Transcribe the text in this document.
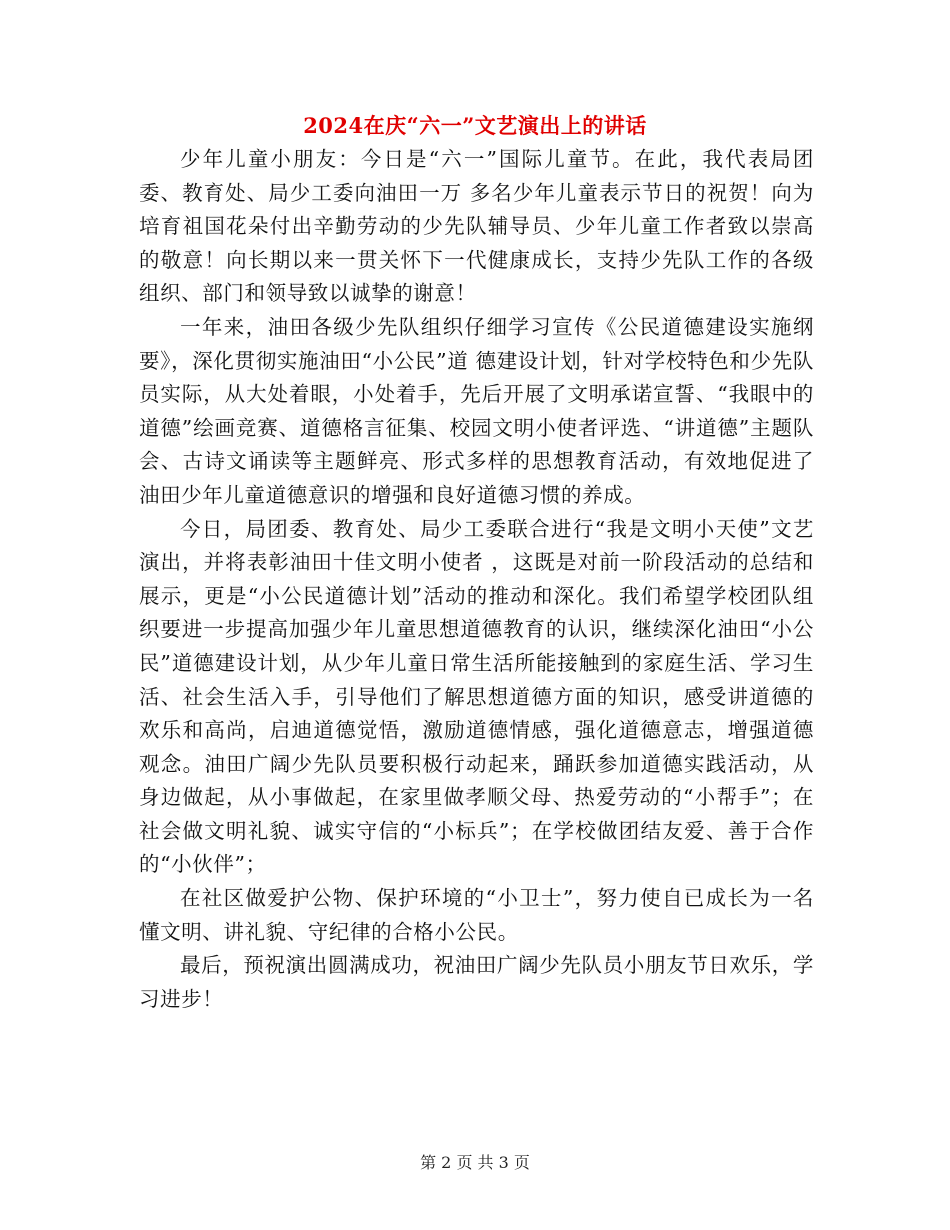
2024在庆“六一”文艺演出上的讲话

少年儿童小朋友：今日是“六一”国际儿童节。在此，我代表局团委、教育处、局少工委向油田一万 多名少年儿童表示节日的祝贺！向为培育祖国花朵付出辛勤劳动的少先队辅导员、少年儿童工作者致以崇高的敬意！向长期以来一贯关怀下一代健康成长，支持少先队工作的各级组织、部门和领导致以诚挚的谢意！

一年来，油田各级少先队组织仔细学习宣传《公民道德建设实施纲要》，深化贯彻实施油田“小公民”道 德建设计划，针对学校特色和少先队员实际，从大处着眼，小处着手，先后开展了文明承诺宣誓、“我眼中的道德”绘画竞赛、道德格言征集、校园文明小使者评选、“讲道德”主题队会、古诗文诵读等主题鲜亮、形式多样的思想教育活动，有效地促进了油田少年儿童道德意识的增强和良好道德习惯的养成。

今日，局团委、教育处、局少工委联合进行“我是文明小天使”文艺演出，并将表彰油田十佳文明小使者 ，这既是对前一阶段活动的总结和展示，更是“小公民道德计划”活动的推动和深化。我们希望学校团队组织要进一步提高加强少年儿童思想道德教育的认识，继续深化油田“小公民”道德建设计划，从少年儿童日常生活所能接触到的家庭生活、学习生活、社会生活入手，引导他们了解思想道德方面的知识，感受讲道德的欢乐和高尚，启迪道德觉悟，激励道德情感，强化道德意志，增强道德观念。油田广阔少先队员要积极行动起来，踊跃参加道德实践活动，从身边做起，从小事做起，在家里做孝顺父母、热爱劳动的“小帮手”；在社会做文明礼貌、诚实守信的“小标兵”；在学校做团结友爱、善于合作的“小伙伴”；

在社区做爱护公物、保护环境的“小卫士”，努力使自已成长为一名懂文明、讲礼貌、守纪律的合格小公民。

最后，预祝演出圆满成功，祝油田广阔少先队员小朋友节日欢乐，学习进步！

第 2 页 共 3 页
